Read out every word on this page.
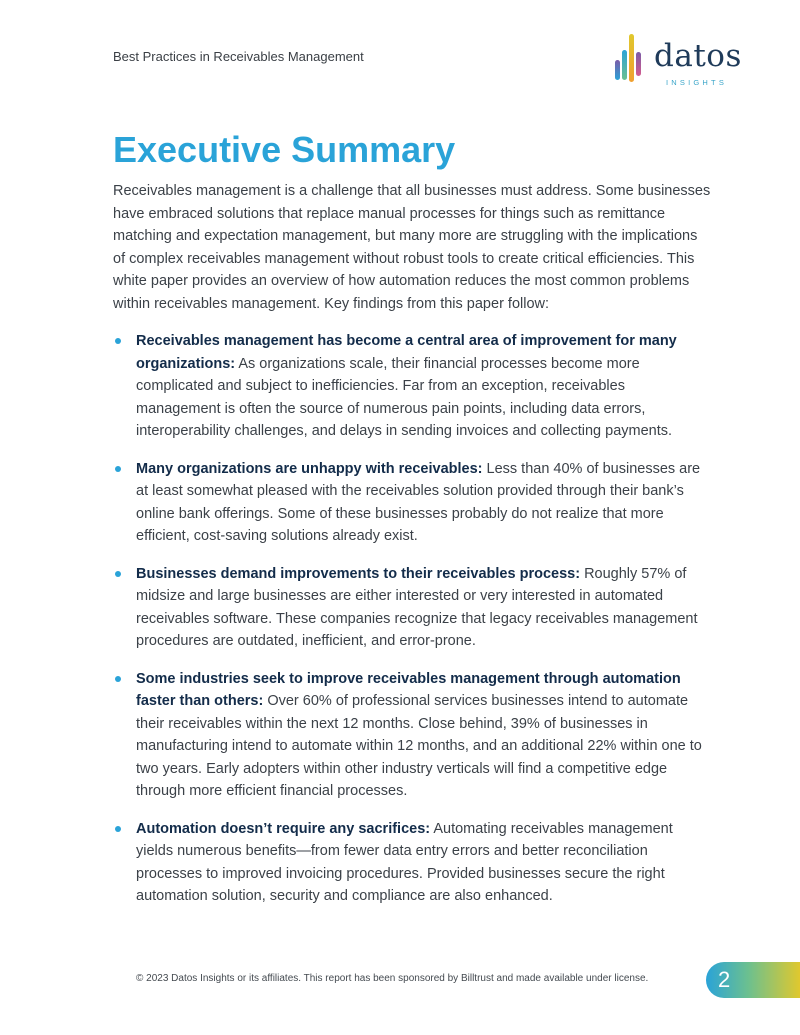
Best Practices in Receivables Management	datos
INSIGHTS
Executive Summary

Receivables management is a challenge that all businesses must address. Some businesses have embraced solutions that replace manual processes for things such as remittance matching and expectation management, but many more are struggling with the implications of complex receivables management without robust tools to create critical efficiencies. This white paper provides an overview of how automation reduces the most common problems within receivables management. Key findings from this paper follow:

Receivables management has become a central area of improvement for many organizations: As organizations scale, their financial processes become more complicated and subject to inefficiencies. Far from an exception, receivables management is often the source of numerous pain points, including data errors, interoperability challenges, and delays in sending invoices and collecting payments.
Many organizations are unhappy with receivables: Less than 40% of businesses are at least somewhat pleased with the receivables solution provided through their bank’s online bank offerings. Some of these businesses probably do not realize that more efficient, cost-saving solutions already exist.
Businesses demand improvements to their receivables process: Roughly 57% of midsize and large businesses are either interested or very interested in automated receivables software. These companies recognize that legacy receivables management procedures are outdated, inefficient, and error-prone.
Some industries seek to improve receivables management through automation faster than others: Over 60% of professional services businesses intend to automate their receivables within the next 12 months. Close behind, 39% of businesses in manufacturing intend to automate within 12 months, and an additional 22% within one to two years. Early adopters within other industry verticals will find a competitive edge through more efficient financial processes.
Automation doesn’t require any sacrifices: Automating receivables management yields numerous benefits—from fewer data entry errors and better reconciliation processes to improved invoicing procedures. Provided businesses secure the right automation solution, security and compliance are also enhanced.
© 2023 Datos Insights or its affiliates. This report has been sponsored by Billtrust and made available under license.	2
